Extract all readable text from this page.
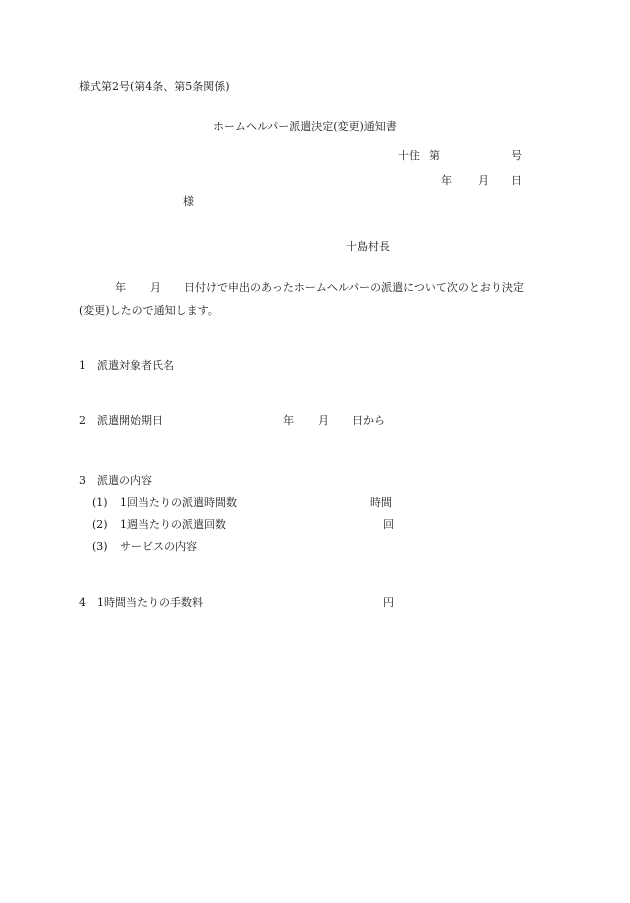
様式第2号(第4条、第5条関係)
ホームヘルパー派遣決定(変更)通知書
十住 第	号
年 月 日
様
十島村長
年 月 日付けで申出のあったホームヘルパーの派遣について次のとおり決定
(変更)したので通知します。
1　派遣対象者氏名
2　派遣開始期日	年 月 日から
3　派遣の内容
(1) 1回当たりの派遣時間数	時間
(2) 1週当たりの派遣回数	回
(3) サービスの内容
4　1時間当たりの手数料	円
